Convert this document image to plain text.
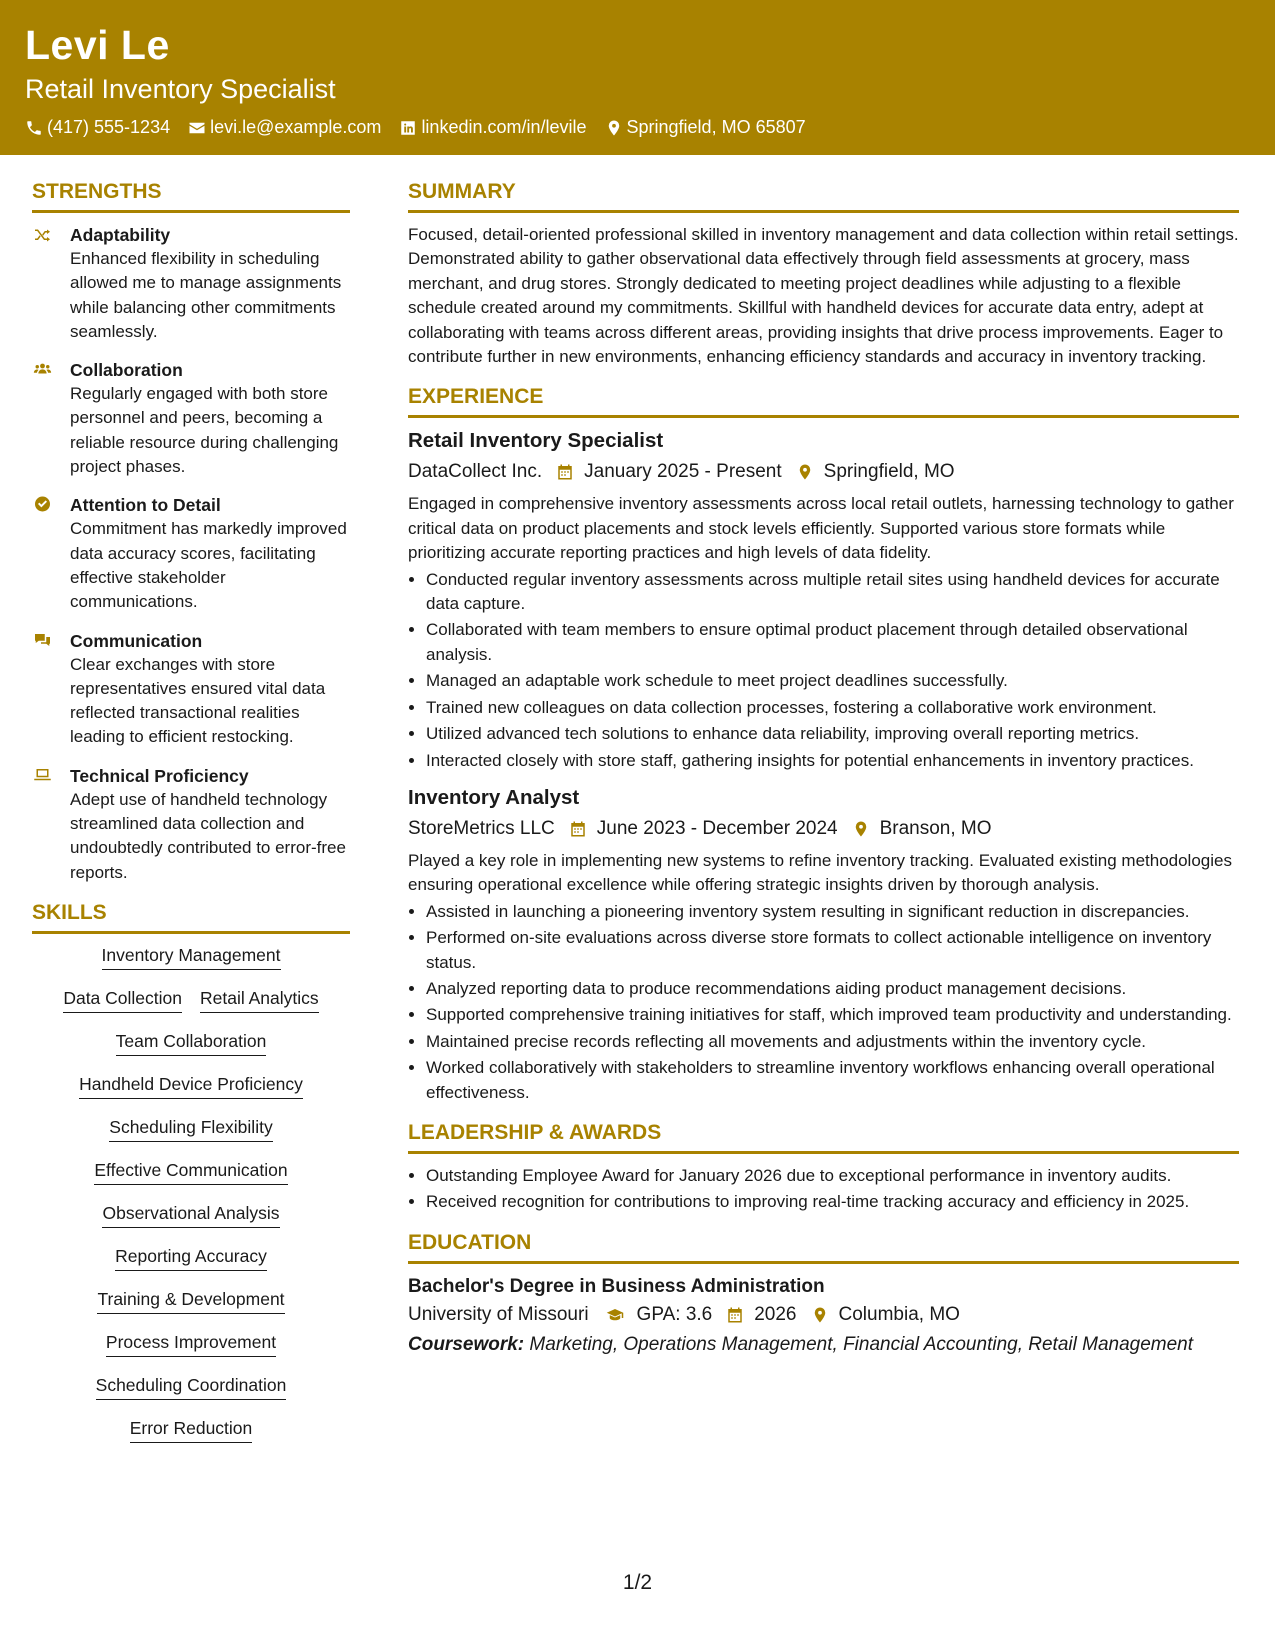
Levi Le
Retail Inventory Specialist
(417) 555-1234 levi.le@example.com linkedin.com/in/levile Springfield, MO 65807
STRENGTHS
Adaptability
Enhanced flexibility in scheduling allowed me to manage assignments while balancing other commitments seamlessly.
Collaboration
Regularly engaged with both store personnel and peers, becoming a reliable resource during challenging project phases.
Attention to Detail
Commitment has markedly improved data accuracy scores, facilitating effective stakeholder communications.
Communication
Clear exchanges with store representatives ensured vital data reflected transactional realities leading to efficient restocking.
Technical Proficiency
Adept use of handheld technology streamlined data collection and undoubtedly contributed to error-free reports.
SKILLS
Inventory Management
Data Collection Retail Analytics
Team Collaboration
Handheld Device Proficiency
Scheduling Flexibility
Effective Communication
Observational Analysis
Reporting Accuracy
Training & Development
Process Improvement
Scheduling Coordination
Error Reduction
SUMMARY

Focused, detail-oriented professional skilled in inventory management and data collection within retail settings. Demonstrated ability to gather observational data effectively through field assessments at grocery, mass merchant, and drug stores. Strongly dedicated to meeting project deadlines while adjusting to a flexible schedule created around my commitments. Skillful with handheld devices for accurate data entry, adept at collaborating with teams across different areas, providing insights that drive process improvements. Eager to contribute further in new environments, enhancing efficiency standards and accuracy in inventory tracking.

EXPERIENCE
Retail Inventory Specialist
DataCollect Inc. January 2025 - Present Springfield, MO

Engaged in comprehensive inventory assessments across local retail outlets, harnessing technology to gather critical data on product placements and stock levels efficiently. Supported various store formats while prioritizing accurate reporting practices and high levels of data fidelity.

• Conducted regular inventory assessments across multiple retail sites using handheld devices for accurate data capture.
• Collaborated with team members to ensure optimal product placement through detailed observational analysis.
• Managed an adaptable work schedule to meet project deadlines successfully.
• Trained new colleagues on data collection processes, fostering a collaborative work environment.
• Utilized advanced tech solutions to enhance data reliability, improving overall reporting metrics.
• Interacted closely with store staff, gathering insights for potential enhancements in inventory practices.
Inventory Analyst
StoreMetrics LLC June 2023 - December 2024 Branson, MO

Played a key role in implementing new systems to refine inventory tracking. Evaluated existing methodologies ensuring operational excellence while offering strategic insights driven by thorough analysis.

• Assisted in launching a pioneering inventory system resulting in significant reduction in discrepancies.
• Performed on-site evaluations across diverse store formats to collect actionable intelligence on inventory status.
• Analyzed reporting data to produce recommendations aiding product management decisions.
• Supported comprehensive training initiatives for staff, which improved team productivity and understanding.
• Maintained precise records reflecting all movements and adjustments within the inventory cycle.
• Worked collaboratively with stakeholders to streamline inventory workflows enhancing overall operational effectiveness.
LEADERSHIP & AWARDS
• Outstanding Employee Award for January 2026 due to exceptional performance in inventory audits.
• Received recognition for contributions to improving real-time tracking accuracy and efficiency in 2025.
EDUCATION
Bachelor's Degree in Business Administration
University of Missouri	GPA: 3.6 2026 Columbia, MO
Coursework: Marketing, Operations Management, Financial Accounting, Retail Management
1/2
